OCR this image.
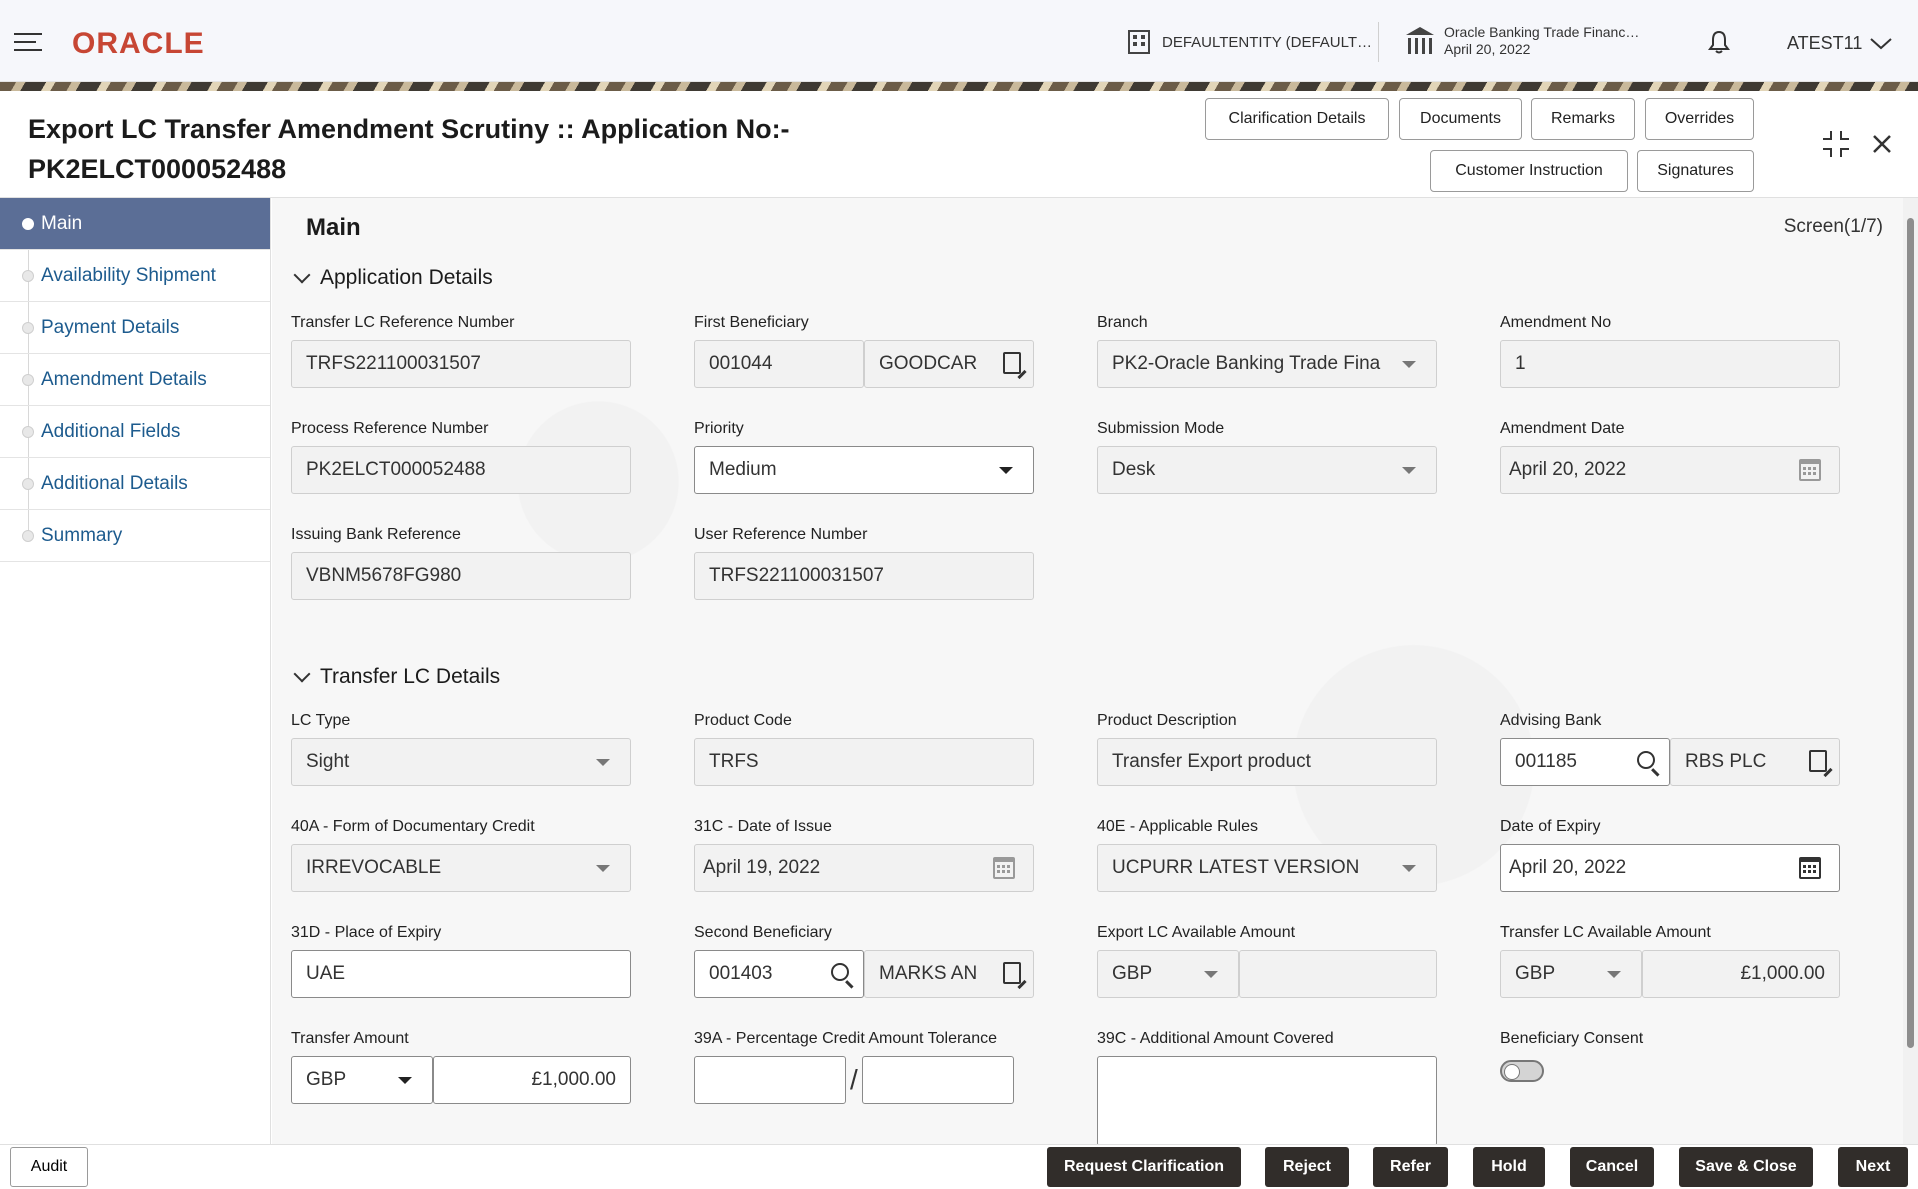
ORACLE	DEFAULTENTITY (DEFAULT…
Oracle Banking Trade Financ…
April 20, 2022	ATEST11
Export LC Transfer Amendment Scrutiny :: Application No:-
PK2ELCT000052488
Clarification Details	Documents	Remarks	Overrides
Customer Instruction	Signatures
Main
Availability Shipment
Payment Details
Amendment Details
Additional Fields
Additional Details
Summary
Main	Screen(1/7)
Application Details
Transfer LC Reference Number
TRFS221100031507
First Beneficiary
001044	GOODCAR
Branch
PK2-Oracle Banking Trade Fina
Amendment No
1
Process Reference Number
PK2ELCT000052488
Priority
Medium
Submission Mode
Desk
Amendment Date
April 20, 2022
Issuing Bank Reference
VBNM5678FG980
User Reference Number
TRFS221100031507
Transfer LC Details
LC Type
Sight
Product Code
TRFS
Product Description
Transfer Export product
Advising Bank
001185	RBS PLC
40A - Form of Documentary Credit
IRREVOCABLE
31C - Date of Issue
April 19, 2022
40E - Applicable Rules
UCPURR LATEST VERSION
Date of Expiry
April 20, 2022
31D - Place of Expiry
UAE
Second Beneficiary
001403	MARKS AN
Export LC Available Amount
GBP
Transfer LC Available Amount
GBP	£1,000.00
Transfer Amount
GBP	£1,000.00
39A - Percentage Credit Amount Tolerance
/
39C - Additional Amount Covered	Beneficiary Consent
Audit	Request Clarification	Reject	Refer	Hold	Cancel	Save & Close	Next
